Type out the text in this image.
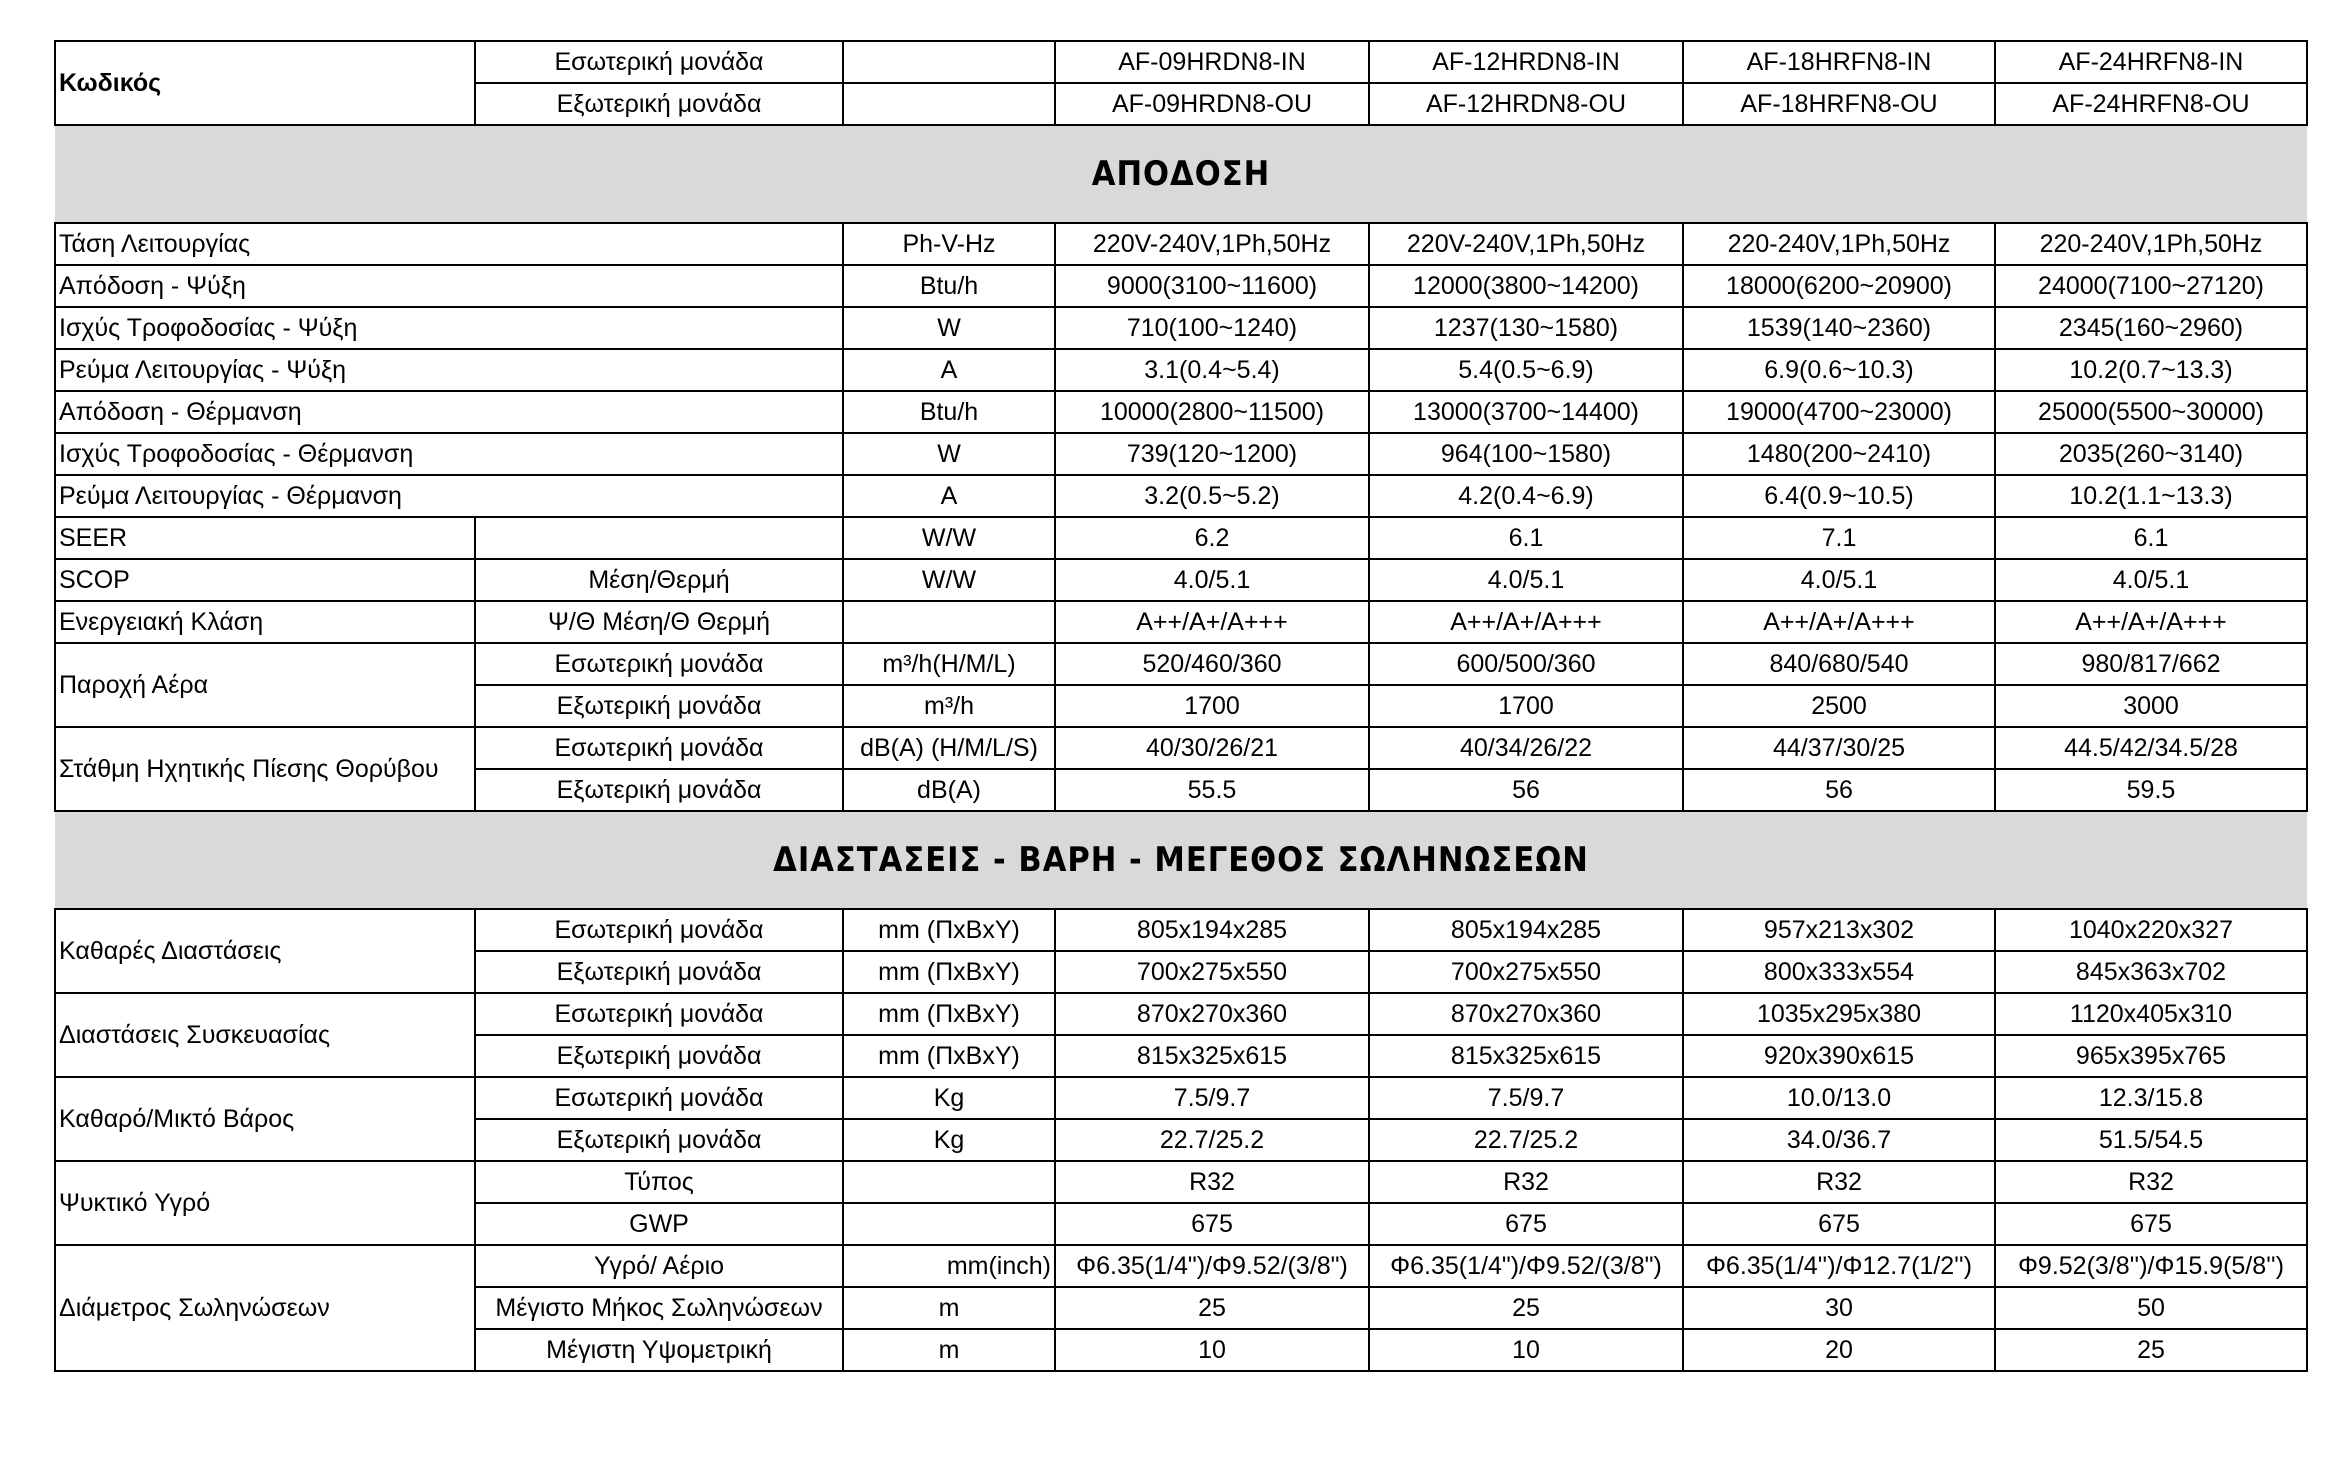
Κωδικός	Εσωτερική μονάδα		AF-09HRDN8-IN	AF-12HRDN8-IN	AF-18HRFN8-IN	AF-24HRFN8-IN
	Εξωτερική μονάδα		AF-09HRDN8-OU	AF-12HRDN8-OU	AF-18HRFN8-OU	AF-24HRFN8-OU
ΑΠΟΔΟΣΗ						
Τάση Λειτουργίας		Ph-V-Hz	220V-240V,1Ph,50Hz	220V-240V,1Ph,50Hz	220-240V,1Ph,50Hz	220-240V,1Ph,50Hz
Απόδοση - Ψύξη		Btu/h	9000(3100~11600)	12000(3800~14200)	18000(6200~20900)	24000(7100~27120)
Ισχύς Τροφοδοσίας - Ψύξη		W	710(100~1240)	1237(130~1580)	1539(140~2360)	2345(160~2960)
Ρεύμα Λειτουργίας - Ψύξη		A	3.1(0.4~5.4)	5.4(0.5~6.9)	6.9(0.6~10.3)	10.2(0.7~13.3)
Απόδοση - Θέρμανση		Btu/h	10000(2800~11500)	13000(3700~14400)	19000(4700~23000)	25000(5500~30000)
Ισχύς Τροφοδοσίας - Θέρμανση		W	739(120~1200)	964(100~1580)	1480(200~2410)	2035(260~3140)
Ρεύμα Λειτουργίας - Θέρμανση		A	3.2(0.5~5.2)	4.2(0.4~6.9)	6.4(0.9~10.5)	10.2(1.1~13.3)
SEER		W/W	6.2	6.1	7.1	6.1
SCOP	Μέση/Θερμή	W/W	4.0/5.1	4.0/5.1	4.0/5.1	4.0/5.1
Ενεργειακή Κλάση	Ψ/Θ Μέση/Θ Θερμή		A++/A+/A+++	A++/A+/A+++	A++/A+/A+++	A++/A+/A+++
Παροχή Αέρα	Εσωτερική μονάδα	m³/h(H/M/L)	520/460/360	600/500/360	840/680/540	980/817/662
	Εξωτερική μονάδα	m³/h	1700	1700	2500	3000
Στάθμη Ηχητικής Πίεσης Θορύβου	Εσωτερική μονάδα	dB(A) (H/M/L/S)	40/30/26/21	40/34/26/22	44/37/30/25	44.5/42/34.5/28
	Εξωτερική μονάδα	dB(A)	55.5	56	56	59.5
ΔΙΑΣΤΑΣΕΙΣ - ΒΑΡΗ - ΜΕΓΕΘΟΣ ΣΩΛΗΝΩΣΕΩΝ						
Καθαρές Διαστάσεις	Εσωτερική μονάδα	mm (ΠxΒxΥ)	805x194x285	805x194x285	957x213x302	1040x220x327
	Εξωτερική μονάδα	mm (ΠxΒxΥ)	700x275x550	700x275x550	800x333x554	845x363x702
Διαστάσεις Συσκευασίας	Εσωτερική μονάδα	mm (ΠxΒxΥ)	870x270x360	870x270x360	1035x295x380	1120x405x310
	Εξωτερική μονάδα	mm (ΠxΒxΥ)	815x325x615	815x325x615	920x390x615	965x395x765
Καθαρό/Μικτό Βάρος	Εσωτερική μονάδα	Kg	7.5/9.7	7.5/9.7	10.0/13.0	12.3/15.8
	Εξωτερική μονάδα	Kg	22.7/25.2	22.7/25.2	34.0/36.7	51.5/54.5
Ψυκτικό Υγρό	Τύπος		R32	R32	R32	R32
	GWP		675	675	675	675
Διάμετρος Σωληνώσεων	Υγρό/ Αέριο	mm(inch)	Φ6.35(1/4")/Φ9.52/(3/8")	Φ6.35(1/4")/Φ9.52/(3/8")	Φ6.35(1/4'')/Φ12.7(1/2'')	Φ9.52(3/8'')/Φ15.9(5/8'')
	Μέγιστο Μήκος Σωληνώσεων	m	25	25	30	50
	Μέγιστη Υψομετρική	m	10	10	20	25
